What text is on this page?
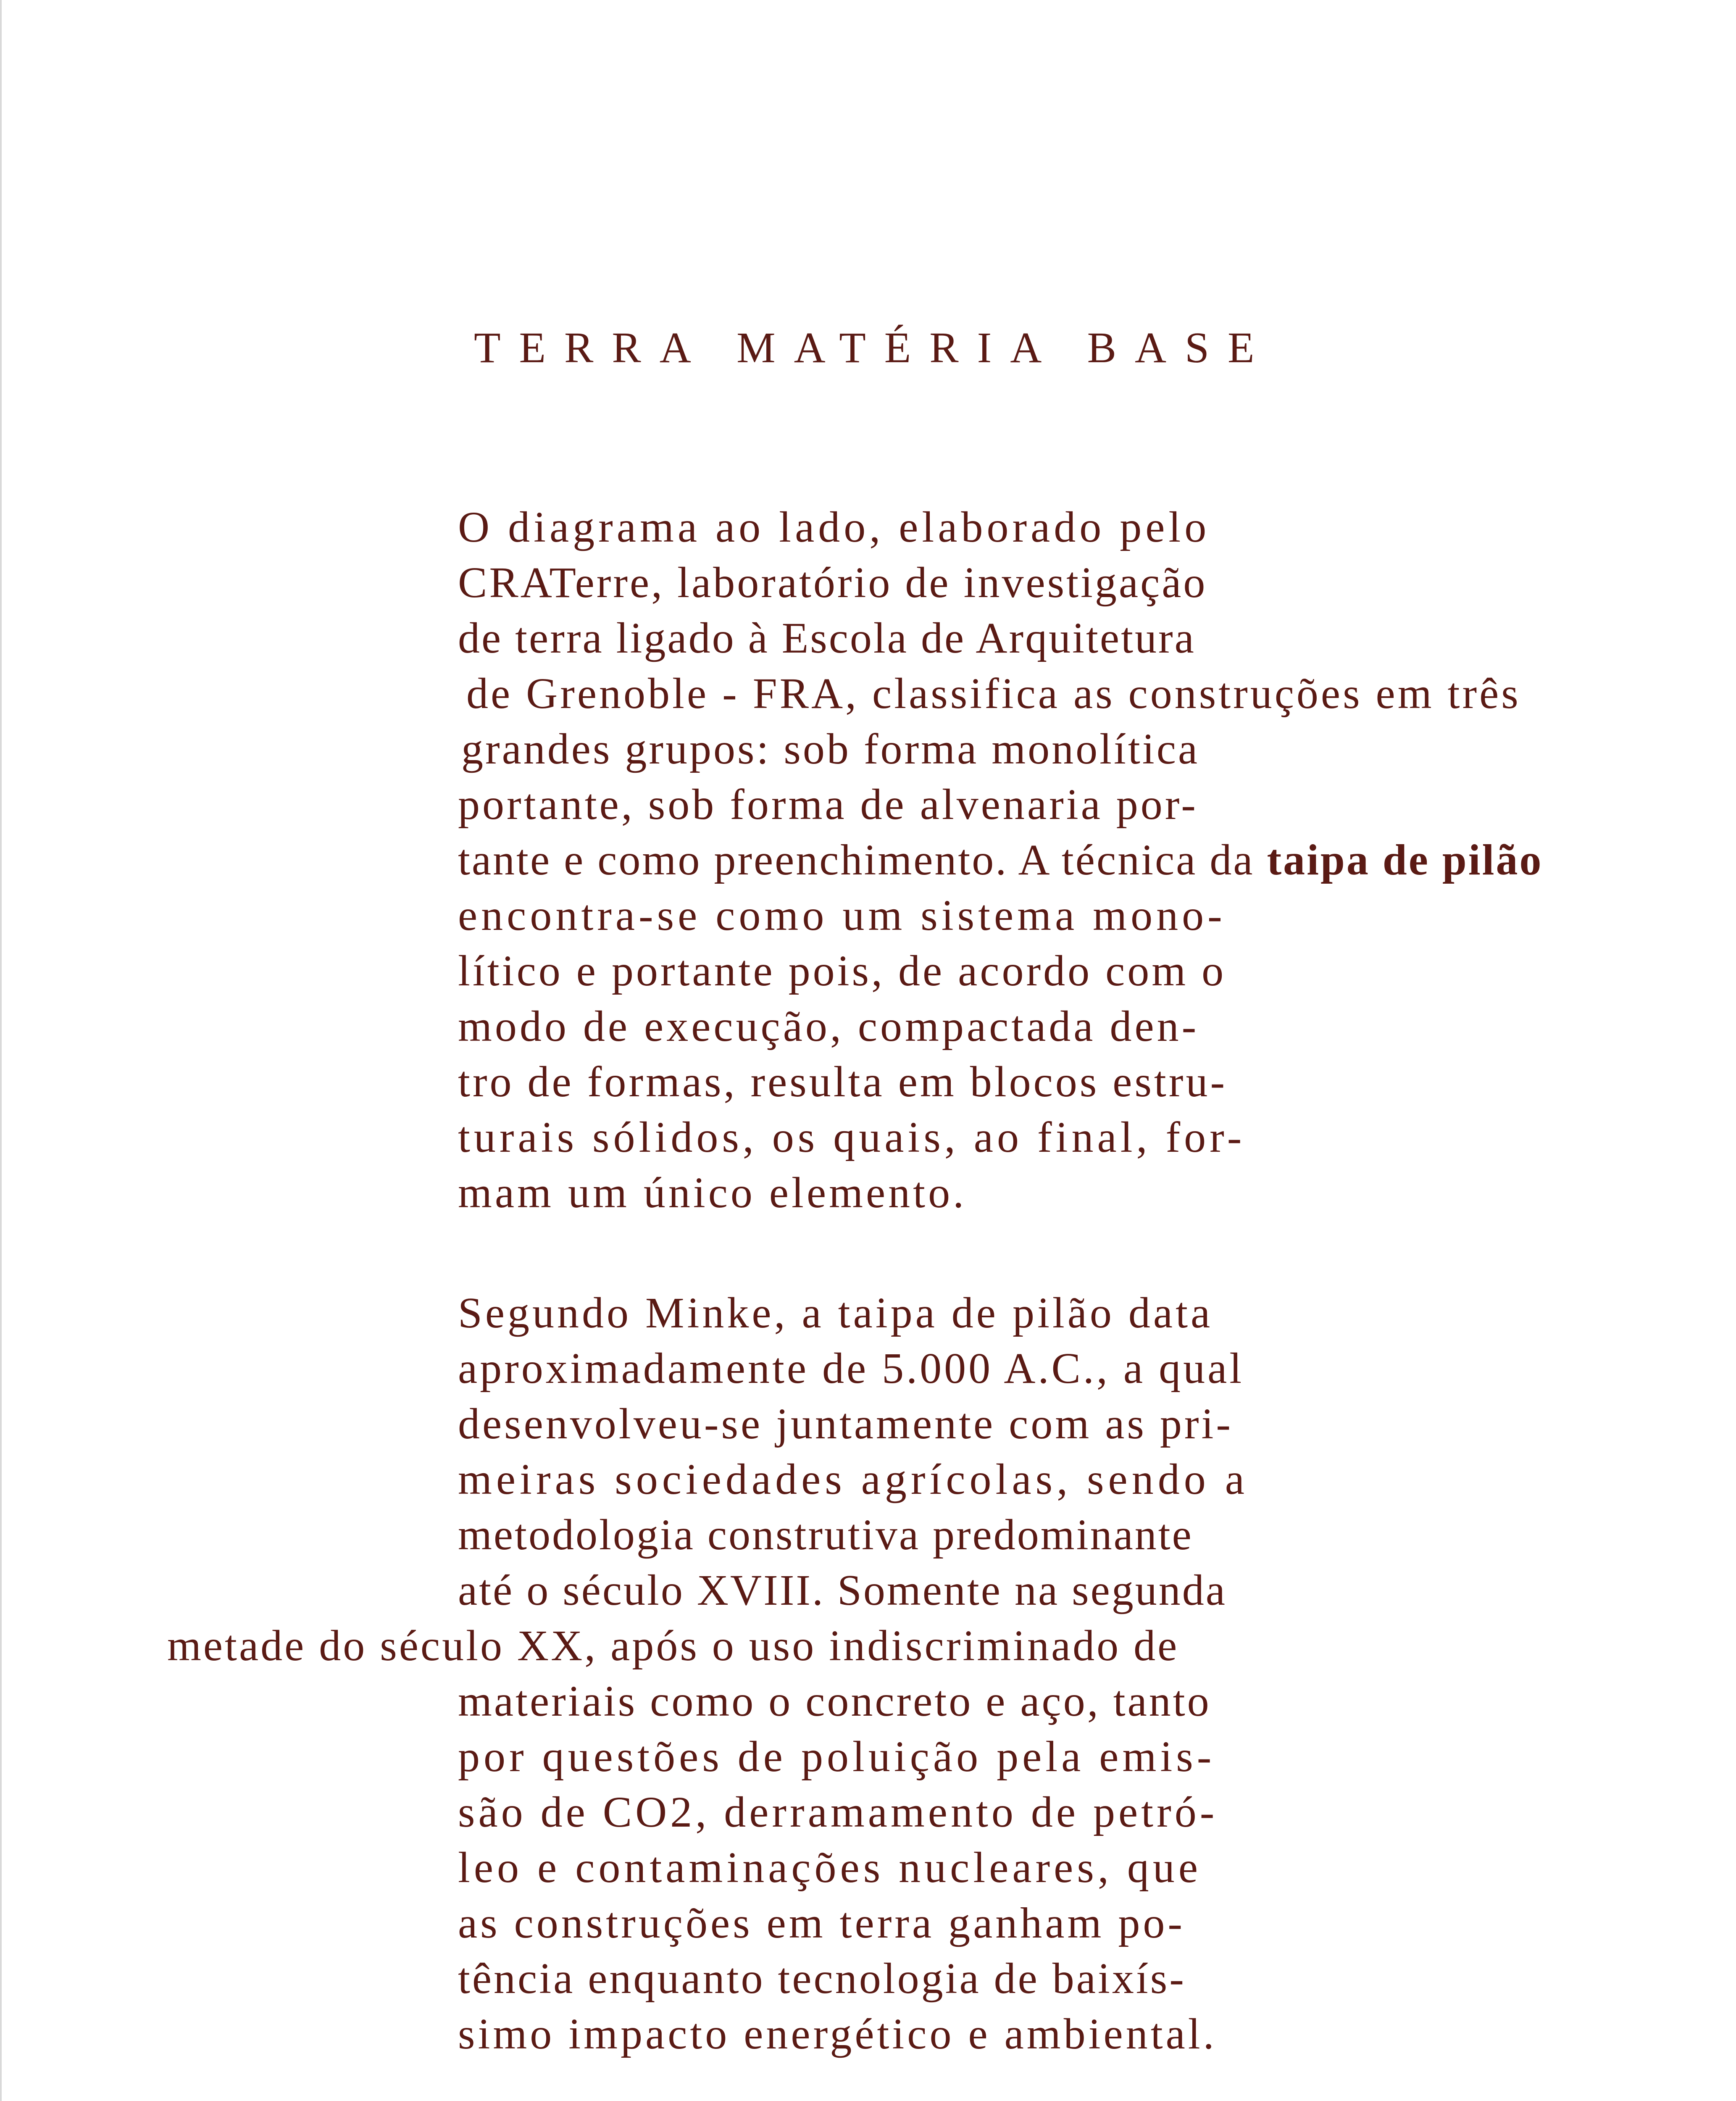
TERRA MATÉRIA BASE
O diagrama ao lado, elaborado pelo
CRATerre, laboratório de investigação
de terra ligado à Escola de Arquitetura
de Grenoble - FRA, classifica as construções em três
grandes grupos: sob forma monolítica
portante, sob forma de alvenaria por-
tante e como preenchimento. A técnica da taipa de pilão
encontra-se como um sistema mono-
lítico e portante pois, de acordo com o
modo de execução, compactada den-
tro de formas, resulta em blocos estru-
turais sólidos, os quais, ao final, for-
mam um único elemento.
Segundo Minke, a taipa de pilão data
aproximadamente de 5.000 A.C., a qual
desenvolveu-se juntamente com as pri-
meiras sociedades agrícolas, sendo a
metodologia construtiva predominante
até o século XVIII. Somente na segunda
metade do século XX, após o uso indiscriminado de
materiais como o concreto e aço, tanto
por questões de poluição pela emis-
são de CO2, derramamento de petró-
leo e contaminações nucleares, que
as construções em terra ganham po-
tência enquanto tecnologia de baixís-
simo impacto energético e ambiental.
